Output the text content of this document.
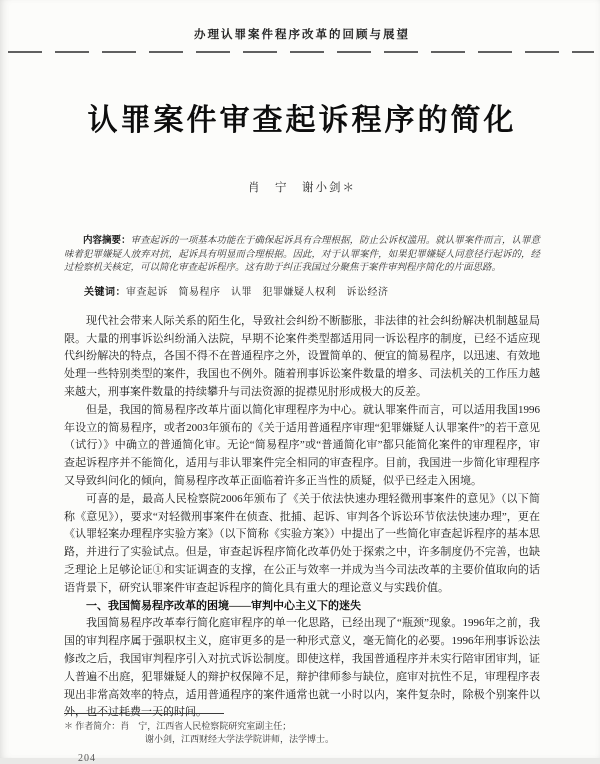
办理认罪案件程序改革的回顾与展望
认罪案件审查起诉程序的简化
肖　宁　谢小剑＊
内容摘要：审查起诉的一项基本功能在于确保起诉具有合理根据，防止公诉权滥用。就认罪案件而言，认罪意味着犯罪嫌疑人放弃对抗，起诉具有明显而合理根据。因此，对于认罪案件，如果犯罪嫌疑人同意径行起诉的，经过检察机关核定，可以简化审查起诉程序。这有助于纠正我国过分聚焦于案件审判程序简化的片面思路。
关键词：审查起诉　简易程序　认罪　犯罪嫌疑人权利　诉讼经济

现代社会带来人际关系的陌生化，导致社会纠纷不断膨胀，非法律的社会纠纷解决机制越显局限。大量的刑事诉讼纠纷涌入法院，早期不论案件类型都适用同一诉讼程序的制度，已经不适应现代纠纷解决的特点，各国不得不在普通程序之外，设置简单的、便宜的简易程序，以迅速、有效地处理一些特别类型的案件，我国也不例外。随着刑事诉讼案件数量的增多、司法机关的工作压力越来越大，刑事案件数量的持续攀升与司法资源的捉襟见肘形成极大的反差。

但是，我国的简易程序改革片面以简化审理程序为中心。就认罪案件而言，可以适用我国1996年设立的简易程序，或者2003年颁布的《关于适用普通程序审理“犯罪嫌疑人认罪案件”的若干意见（试行）》中确立的普通简化审。无论“简易程序”或“普通简化审”都只能简化案件的审理程序，审查起诉程序并不能简化，适用与非认罪案件完全相同的审查程序。目前，我国进一步简化审理程序又导致纠问化的倾向，简易程序改革正面临着许多正当性的质疑，似乎已经走入困境。

可喜的是，最高人民检察院2006年颁布了《关于依法快速办理轻微刑事案件的意见》（以下简称《意见》），要求“对轻微刑事案件在侦查、批捕、起诉、审判各个诉讼环节依法快速办理”，更在《认罪轻案办理程序实验方案》（以下简称《实验方案》）中提出了一些简化审查起诉程序的基本思路，并进行了实验试点。但是，审查起诉程序简化改革仍处于探索之中，许多制度仍不完善，也缺乏理论上足够论证①和实证调查的支撑，在公正与效率一并成为当今司法改革的主要价值取向的话语背景下，研究认罪案件审查起诉程序的简化具有重大的理论意义与实践价值。

一、我国简易程序改革的困境——审判中心主义下的迷失

我国简易程序改革奉行简化庭审程序的单一化思路，已经出现了“瓶颈”现象。1996年之前，我国的审判程序属于强职权主义，庭审更多的是一种形式意义，毫无简化的必要。1996年刑事诉讼法修改之后，我国审判程序引入对抗式诉讼制度。即使这样，我国普通程序并未实行陪审团审判，证人普遍不出庭，犯罪嫌疑人的辩护权保障不足，辩护律师参与缺位，庭审对抗性不足，审理程序表现出非常高效率的特点，适用普通程序的案件通常也就一小时以内，案件复杂时，除极个别案件以外，也不过耗费一天的时间。

＊ 作者简介：肖　宁，江西省人民检察院研究室副主任；
谢小剑，江西财经大学法学院讲师，法学博士。
204
